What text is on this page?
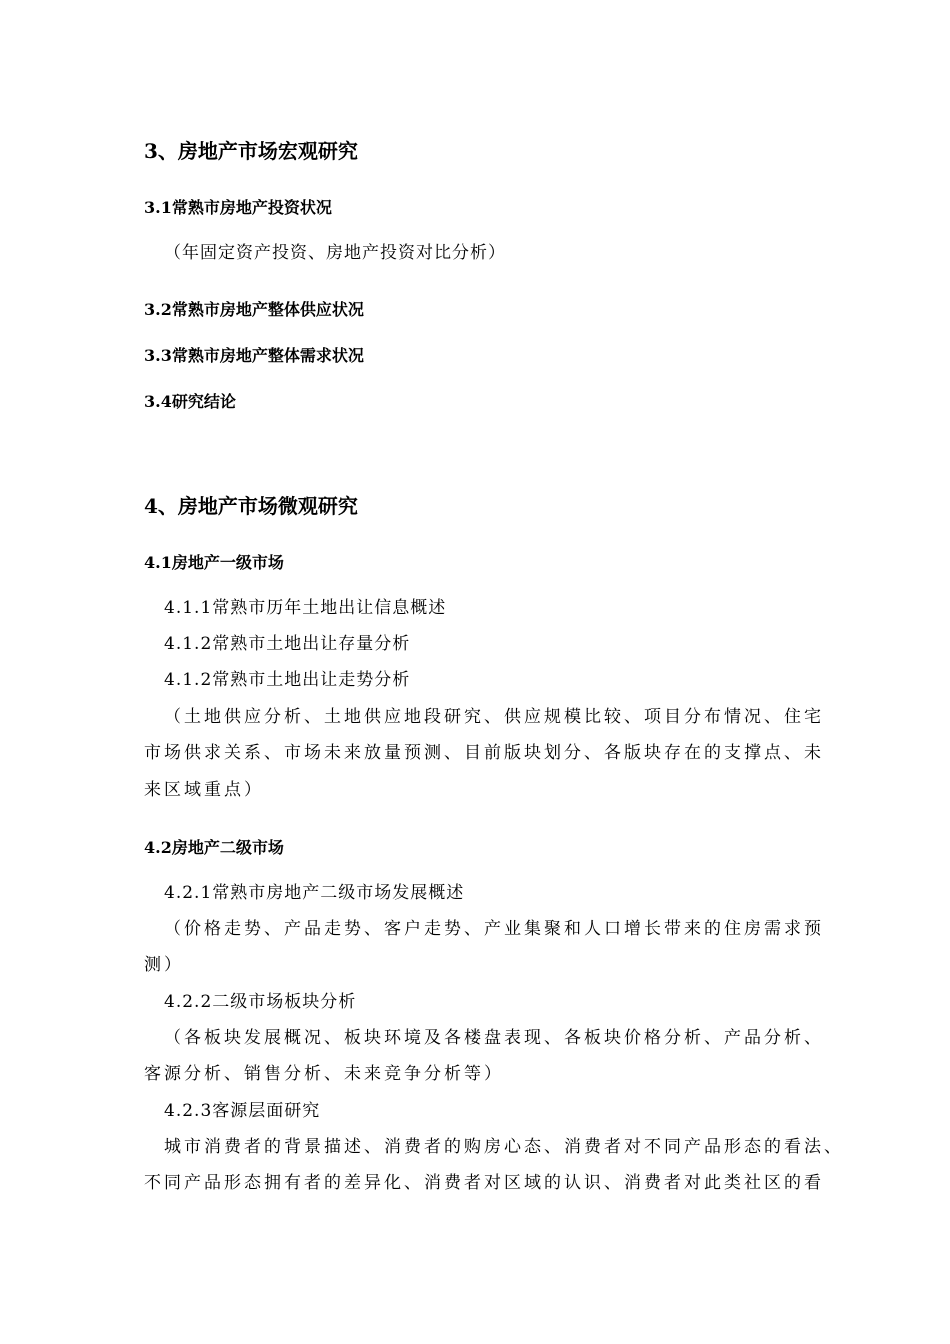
3、房地产市场宏观研究
3.1常熟市房地产投资状况
（年固定资产投资、房地产投资对比分析）
3.2常熟市房地产整体供应状况
3.3常熟市房地产整体需求状况
3.4研究结论
4、房地产市场微观研究
4.1房地产一级市场
4.1.1常熟市历年土地出让信息概述
4.1.2常熟市土地出让存量分析
4.1.2常熟市土地出让走势分析
（土地供应分析、土地供应地段研究、供应规模比较、项目分布情况、住宅
市场供求关系、市场未来放量预测、目前版块划分、各版块存在的支撑点、未
来区域重点）
4.2房地产二级市场
4.2.1常熟市房地产二级市场发展概述
（价格走势、产品走势、客户走势、产业集聚和人口增长带来的住房需求预
测）
4.2.2二级市场板块分析
（各板块发展概况、板块环境及各楼盘表现、各板块价格分析、产品分析、
客源分析、销售分析、未来竞争分析等）
4.2.3客源层面研究
城市消费者的背景描述、消费者的购房心态、消费者对不同产品形态的看法、
不同产品形态拥有者的差异化、消费者对区域的认识、消费者对此类社区的看
